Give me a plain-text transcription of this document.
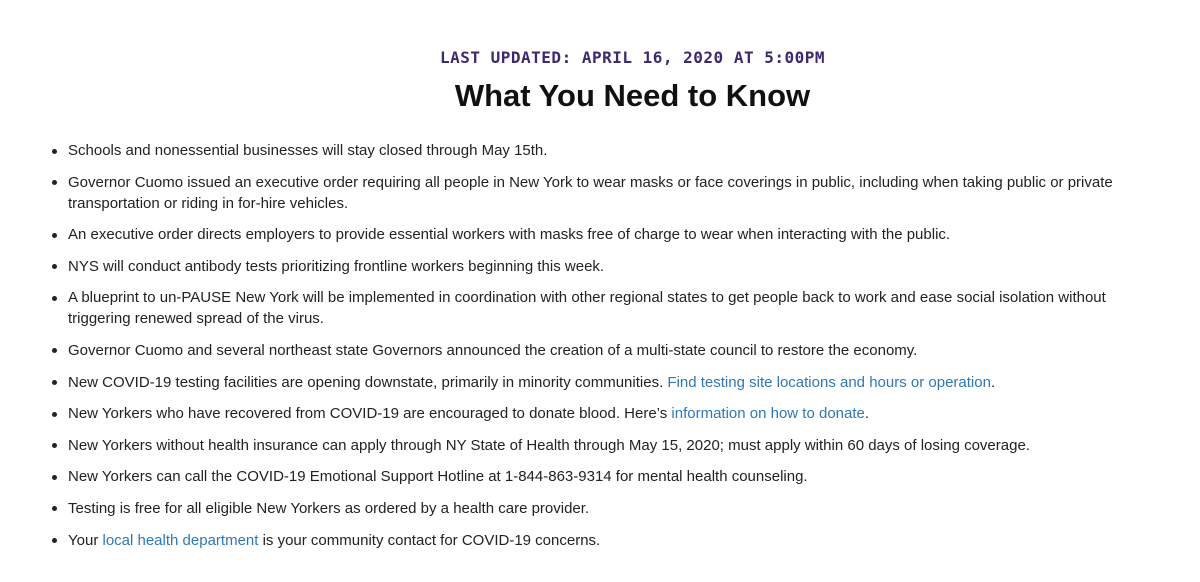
LAST UPDATED: APRIL 16, 2020 AT 5:00PM
What You Need to Know
Schools and nonessential businesses will stay closed through May 15th.
Governor Cuomo issued an executive order requiring all people in New York to wear masks or face coverings in public, including when taking public or private transportation or riding in for-hire vehicles.
An executive order directs employers to provide essential workers with masks free of charge to wear when interacting with the public.
NYS will conduct antibody tests prioritizing frontline workers beginning this week.
A blueprint to un-PAUSE New York will be implemented in coordination with other regional states to get people back to work and ease social isolation without triggering renewed spread of the virus.
Governor Cuomo and several northeast state Governors announced the creation of a multi-state council to restore the economy.
New COVID-19 testing facilities are opening downstate, primarily in minority communities. Find testing site locations and hours or operation.
New Yorkers who have recovered from COVID-19 are encouraged to donate blood. Here’s information on how to donate.
New Yorkers without health insurance can apply through NY State of Health through May 15, 2020; must apply within 60 days of losing coverage.
New Yorkers can call the COVID-19 Emotional Support Hotline at 1-844-863-9314 for mental health counseling.
Testing is free for all eligible New Yorkers as ordered by a health care provider.
Your local health department is your community contact for COVID-19 concerns.
